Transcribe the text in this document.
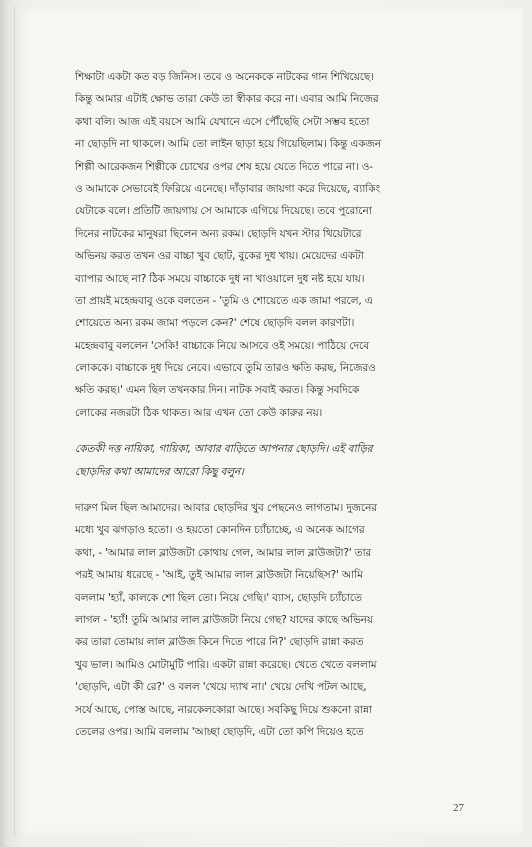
শিক্ষাটা একটা কত বড় জিনিস। তবে ও অনেককে নাটকের গান শিখিয়েছে।
কিন্তু আমার এটাই ক্ষোভ তারা কেউ তা স্বীকার করে না। এবার আমি নিজের
কথা বলি। আজ এই বয়সে আমি যেখানে এসে পৌঁছেছি সেটা সম্ভব হতো
না ছোড়দি না থাকলে। আমি তো লাইন ছাড়া হয়ে গিয়েছিলাম। কিন্তু একজন
শিল্পী আরেকজন শিল্পীকে চোখের ওপর শেষ হয়ে যেতে দিতে পারে না। ও-
ও আমাকে সেভাবেই ফিরিয়ে এনেছে। দাঁড়াবার জায়গা করে দিয়েছে, ব্যাকিং
যেটাকে বলে। প্রতিটি জায়গায় সে আমাকে এগিয়ে দিয়েছে। তবে পুরোনো
দিনের নাটকের মানুষরা ছিলেন অন্য রকম। ছোড়দি যখন স্টার থিয়েটারে
অভিনয় করত তখন ওর বাচ্চা খুব ছোট, বুকের দুধ খায়। মেয়েদের একটা
ব্যাপার আছে না? ঠিক সময়ে বাচ্চাকে দুধ না খাওয়ালে দুধ নষ্ট হয়ে যায়।
তা প্রায়ই মহেন্দ্রবাবু ওকে বলতেন - 'তুমি ও শোয়েতে এক জামা পরলে, এ
শোয়েতে অন্য রকম জামা পড়লে কেন?' শেষে ছোড়দি বলল কারণটা।
মহেন্দ্রবাবু বললেন 'সেকি! বাচ্চাকে নিয়ে আসবে ওই সময়ে। পাঠিয়ে দেবে
লোককে। বাচ্চাকে দুধ দিয়ে নেবে। এভাবে তুমি তারও ক্ষতি করছ, নিজেরও
ক্ষতি করছ।' এমন ছিল তখনকার দিন। নাটক সবাই করত। কিন্তু সবদিকে
লোকের নজরটা ঠিক থাকত। আর এখন তো কেউ কারুর নয়।
কেতকী দত্ত নায়িকা, গায়িকা, আবার বাড়িতে আপনার ছোড়দি। এই বাড়ির
ছোড়দির কথা আমাদের আরো কিছু বলুন।
দারুণ মিল ছিল আমাদের। আবার ছোড়দির খুব পেছনেও লাগতাম। দুজনের
মধ্যে খুব ঝগড়াও হতো। ও হয়তো কোনদিন চ্যাঁচাচ্ছে, এ অনেক আগের
কথা, - 'আমার লাল ব্লাউজটা কোথায় গেল, আমার লাল ব্লাউজটা?' তার
পরই আমায় ধরেছে - 'আই, তুই আমার লাল ব্লাউজটা নিয়েছিস?' আমি
বললাম 'হ্যাঁ, কালকে শো ছিল তো। নিয়ে গেছি।' ব্যাস, ছোড়দি চ্যাঁচাতে
লাগল - 'হ্যাঁ! তুমি আমার লাল ব্লাউজটা নিয়ে গেছ? যাদের কাছে অভিনয়
কর তারা তোমায় লাল ব্লাউজ কিনে দিতে পারে নি?' ছোড়দি রান্না করত
খুব ভাল। আমিও মোটামুটি পারি। একটা রান্না করেছে। খেতে খেতে বললাম
'ছোড়দি, এটা কী রে?' ও বলল 'খেয়ে দ্যাখ না।' খেয়ে দেখি পটল আছে,
সর্ষে আছে, পোস্ত আছে, নারকেলকোরা আছে। সবকিছু দিয়ে শুকনো রান্না
তেলের ওপর। আমি বললাম 'আচ্ছা ছোড়দি, এটা তো কপি দিয়েও হতে
27
